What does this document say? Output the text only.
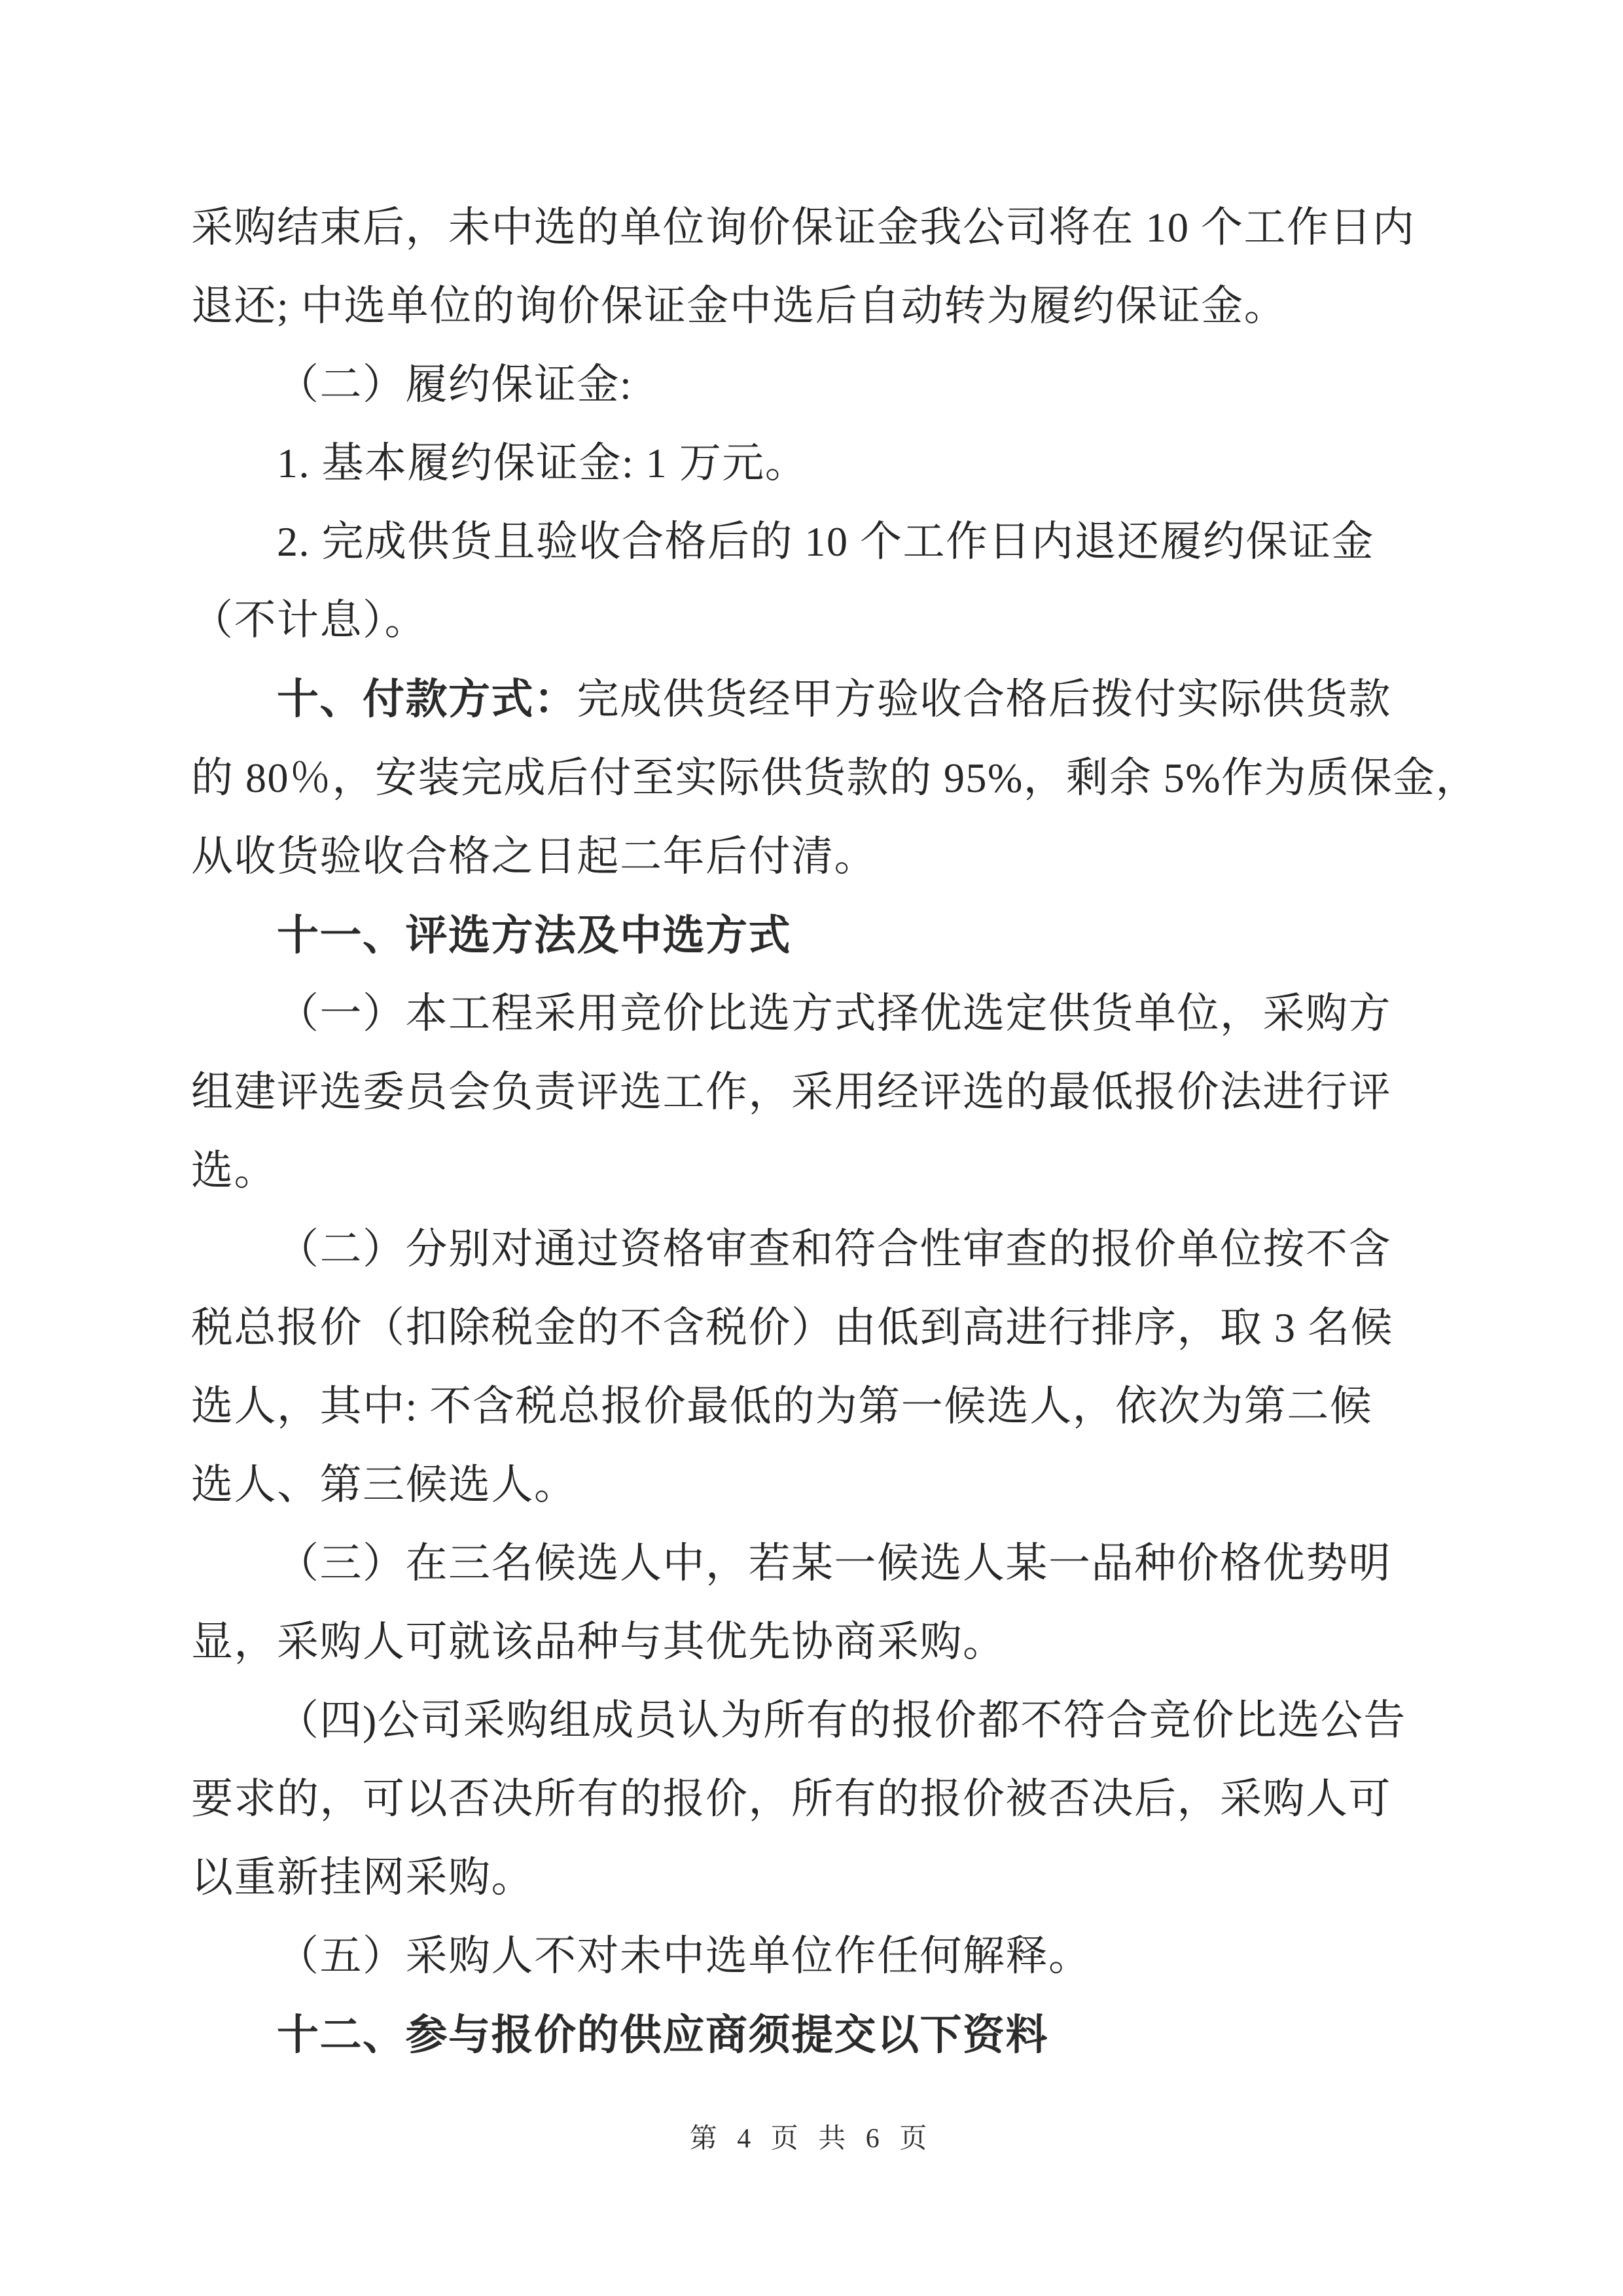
采购结束后，未中选的单位询价保证金我公司将在 10 个工作日内

退还; 中选单位的询价保证金中选后自动转为履约保证金。

（二）履约保证金:

1. 基本履约保证金: 1 万元。

2. 完成供货且验收合格后的 10 个工作日内退还履约保证金

（不计息）。

十、付款方式：完成供货经甲方验收合格后拨付实际供货款

的 80％，安装完成后付至实际供货款的 95%，剩余 5%作为质保金，

从收货验收合格之日起二年后付清。

十一、评选方法及中选方式

（一）本工程采用竞价比选方式择优选定供货单位，采购方

组建评选委员会负责评选工作，采用经评选的最低报价法进行评

选。

（二）分别对通过资格审查和符合性审查的报价单位按不含

税总报价（扣除税金的不含税价）由低到高进行排序，取 3 名候

选人，其中: 不含税总报价最低的为第一候选人，依次为第二候

选人、第三候选人。

（三）在三名候选人中，若某一候选人某一品种价格优势明

显，采购人可就该品种与其优先协商采购。

（四)公司采购组成员认为所有的报价都不符合竞价比选公告

要求的，可以否决所有的报价，所有的报价被否决后，采购人可

以重新挂网采购。

（五）采购人不对未中选单位作任何解释。

十二、参与报价的供应商须提交以下资料

第 4 页 共 6 页
